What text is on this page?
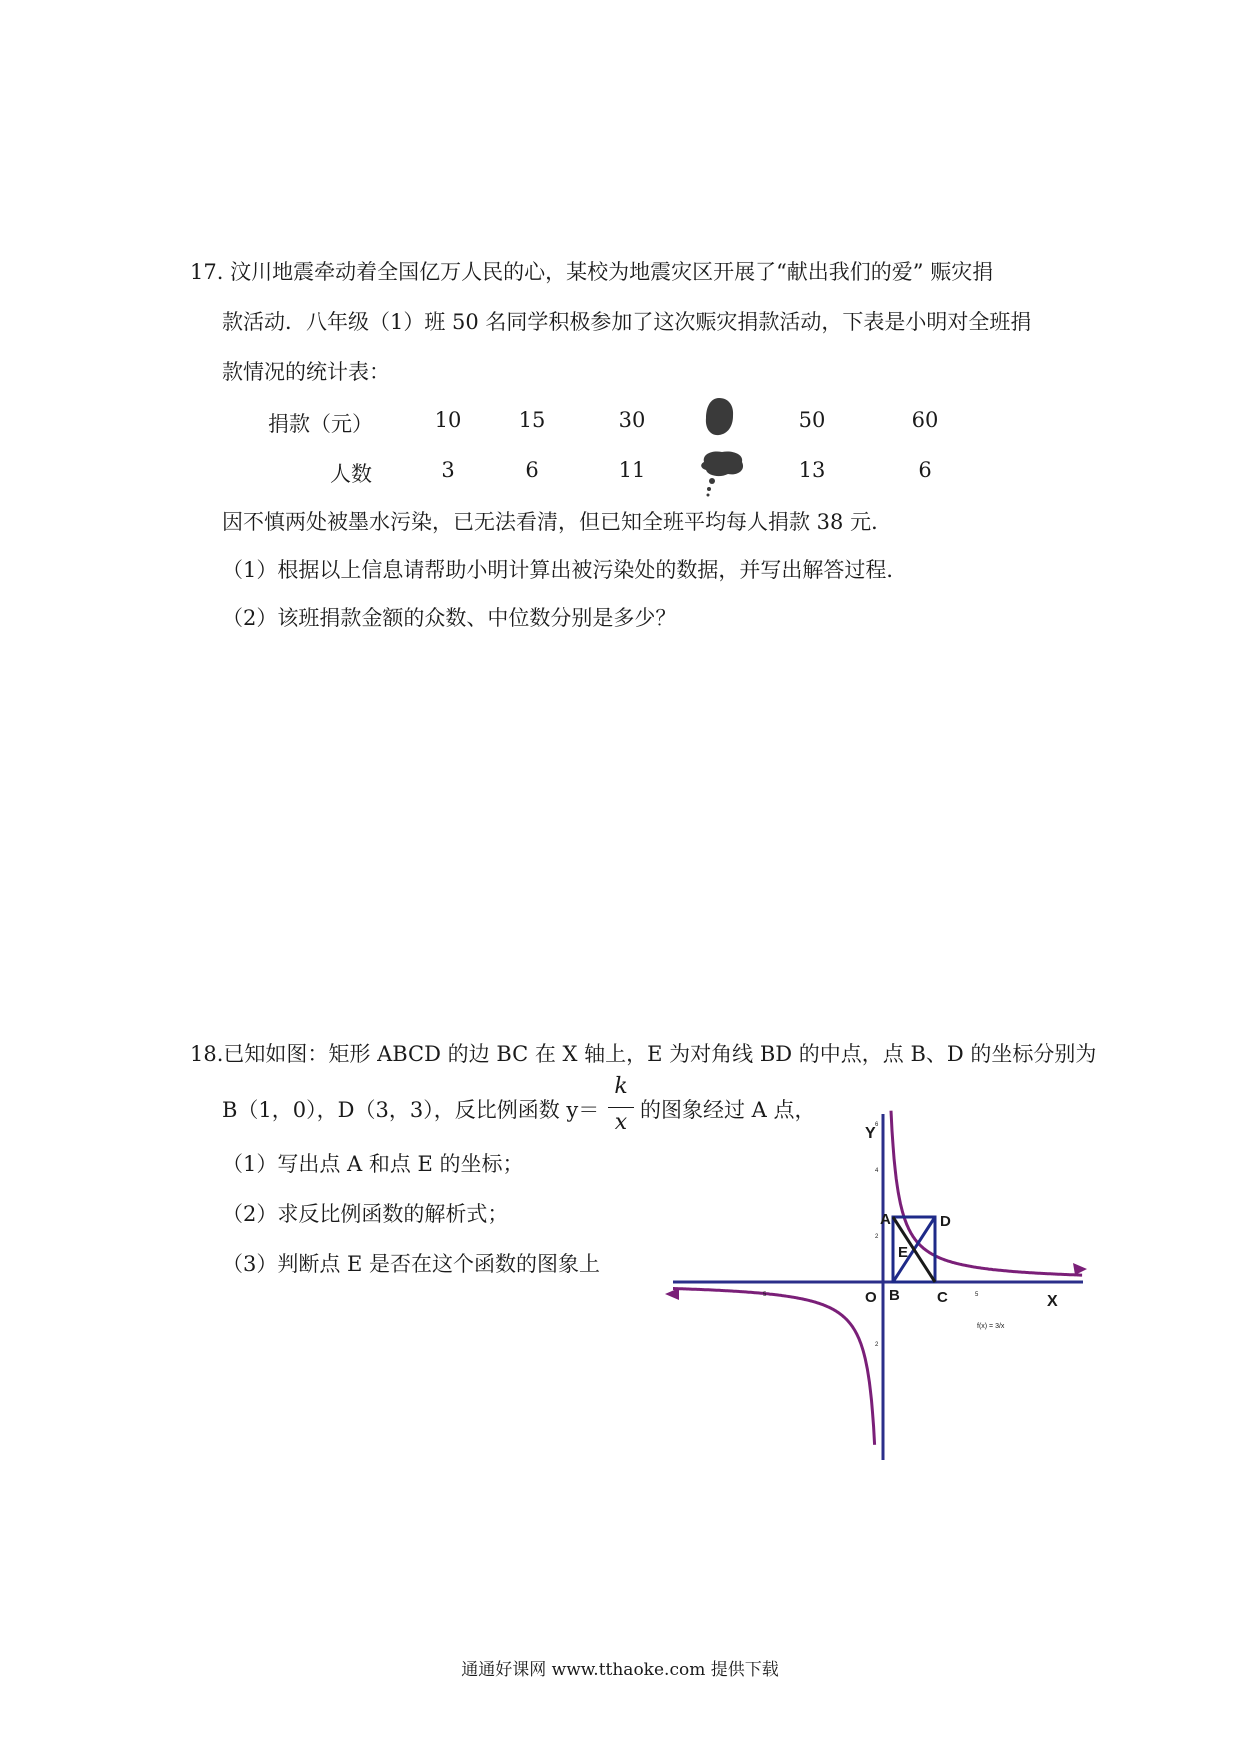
17. 汶川地震牵动着全国亿万人民的心，某校为地震灾区开展了“献出我们的爱” 赈灾捐
款活动．八年级（1）班 50 名同学积极参加了这次赈灾捐款活动，下表是小明对全班捐
款情况的统计表：
捐款（元）	10	15	30	50	60
人数	3	6	11	13	6
因不慎两处被墨水污染，已无法看清，但已知全班平均每人捐款 38 元．
（1）根据以上信息请帮助小明计算出被污染处的数据，并写出解答过程．
（2）该班捐款金额的众数、中位数分别是多少？
18.已知如图：矩形 ABCD 的边 BC 在 X 轴上，E 为对角线 BD 的中点，点 B、D 的坐标分别为
B（1，0），D（3，3），反比例函数 y＝
k
x 的图象经过 A 点，
（1）写出点 A 和点 E 的坐标；
（2）求反比例函数的解析式；
（3）判断点 E 是否在这个函数的图象上
A	D
E
B C
O	X
Y 6
4
2
2
5
5
f(x) = 3/x
通通好课网 www.tthaoke.com 提供下载
